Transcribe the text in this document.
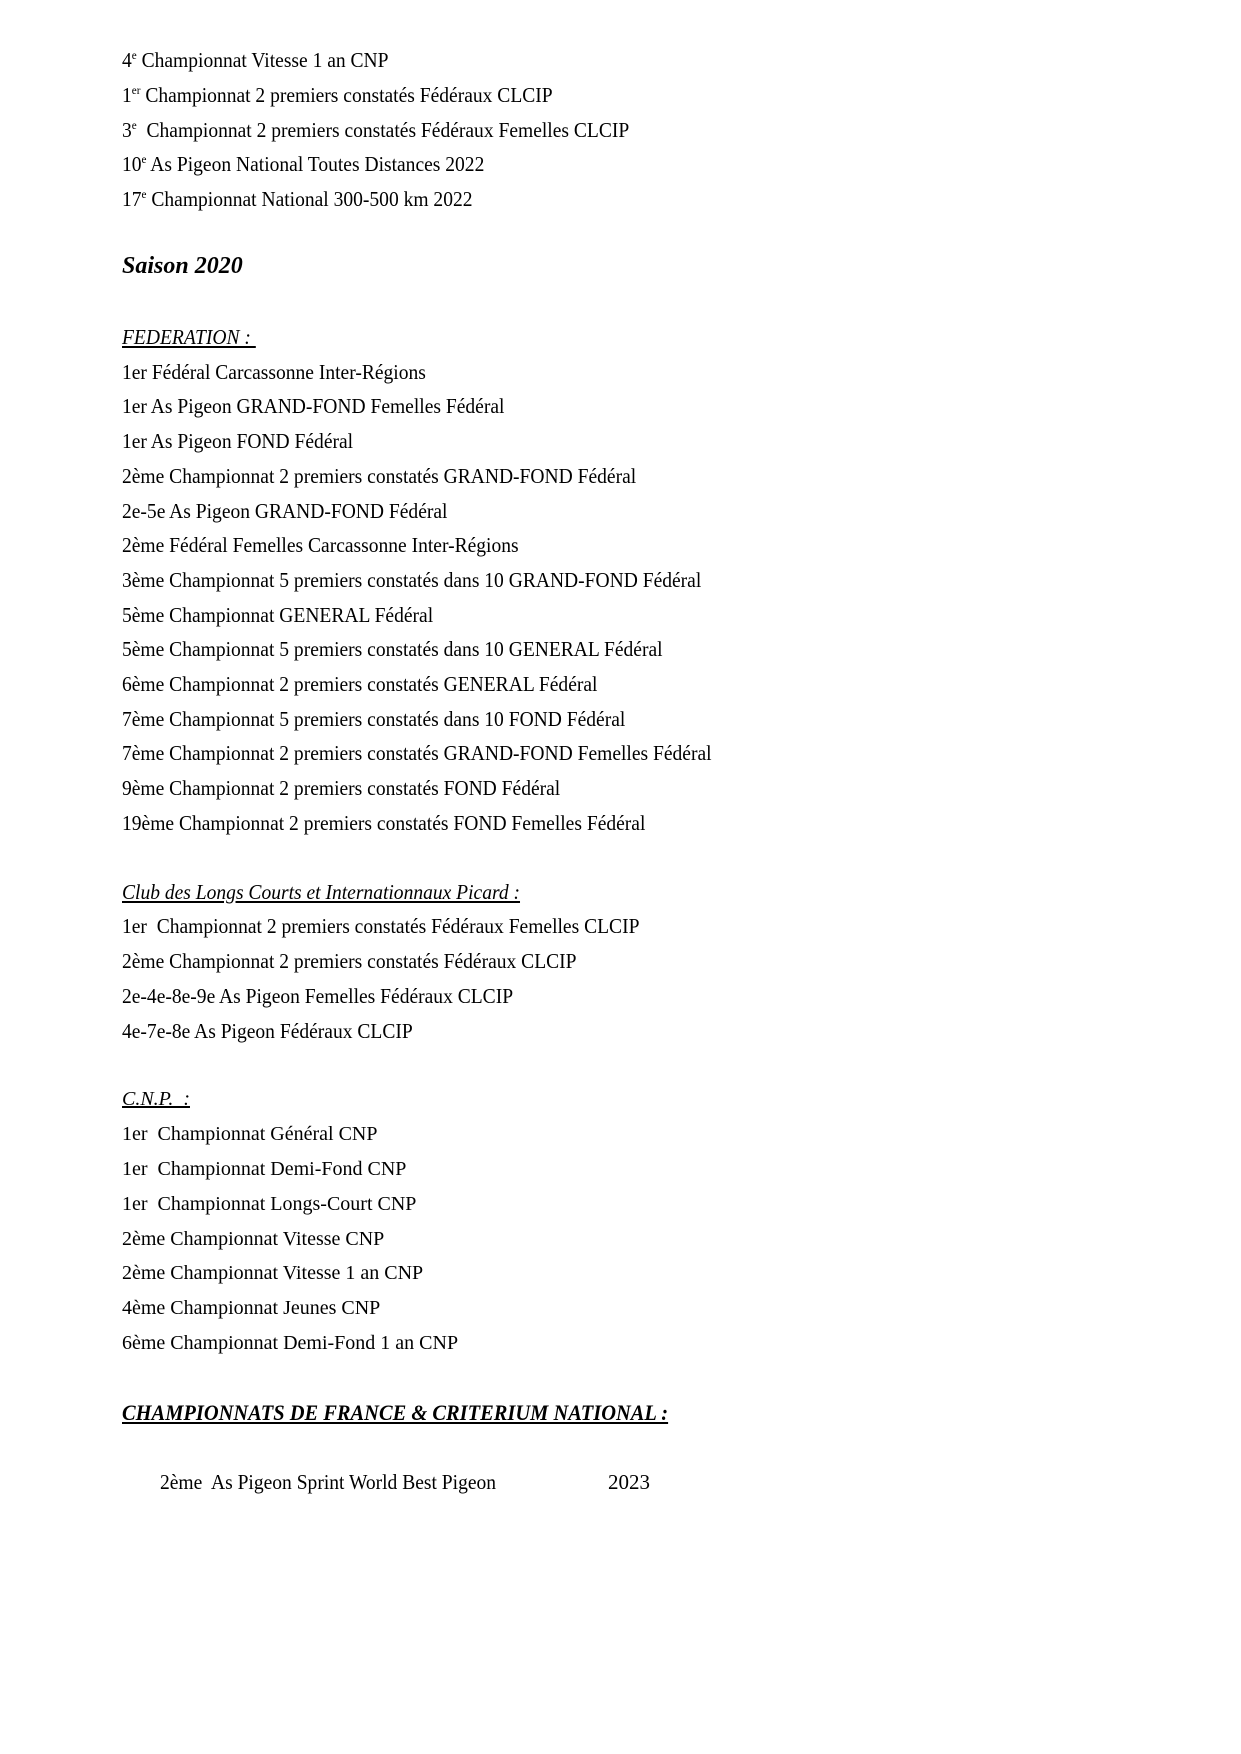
4e Championnat Vitesse 1 an CNP
1er Championnat 2 premiers constatés Fédéraux CLCIP
3e  Championnat 2 premiers constatés Fédéraux Femelles CLCIP
10e As Pigeon National Toutes Distances 2022
17e Championnat National 300-500 km 2022
Saison 2020
FEDERATION :
1er Fédéral Carcassonne Inter-Régions
1er As Pigeon GRAND-FOND Femelles Fédéral
1er As Pigeon FOND Fédéral
2ème Championnat 2 premiers constatés GRAND-FOND Fédéral
2e-5e As Pigeon GRAND-FOND Fédéral
2ème Fédéral Femelles Carcassonne Inter-Régions
3ème Championnat 5 premiers constatés dans 10 GRAND-FOND Fédéral
5ème Championnat GENERAL Fédéral
5ème Championnat 5 premiers constatés dans 10 GENERAL Fédéral
6ème Championnat 2 premiers constatés GENERAL Fédéral
7ème Championnat 5 premiers constatés dans 10 FOND Fédéral
7ème Championnat 2 premiers constatés GRAND-FOND Femelles Fédéral
9ème Championnat 2 premiers constatés FOND Fédéral
19ème Championnat 2 premiers constatés FOND Femelles Fédéral
Club des Longs Courts et Internationnaux Picard :
1er  Championnat 2 premiers constatés Fédéraux Femelles CLCIP
2ème Championnat 2 premiers constatés Fédéraux CLCIP
2e-4e-8e-9e As Pigeon Femelles Fédéraux CLCIP
4e-7e-8e As Pigeon Fédéraux CLCIP
C.N.P.  :
1er  Championnat Général CNP
1er  Championnat Demi-Fond CNP
1er  Championnat Longs-Court CNP
2ème Championnat Vitesse CNP
2ème Championnat Vitesse 1 an CNP
4ème Championnat Jeunes CNP
6ème Championnat Demi-Fond 1 an CNP
CHAMPIONNATS DE FRANCE & CRITERIUM NATIONAL :
2ème  As Pigeon Sprint World Best Pigeon	2023
